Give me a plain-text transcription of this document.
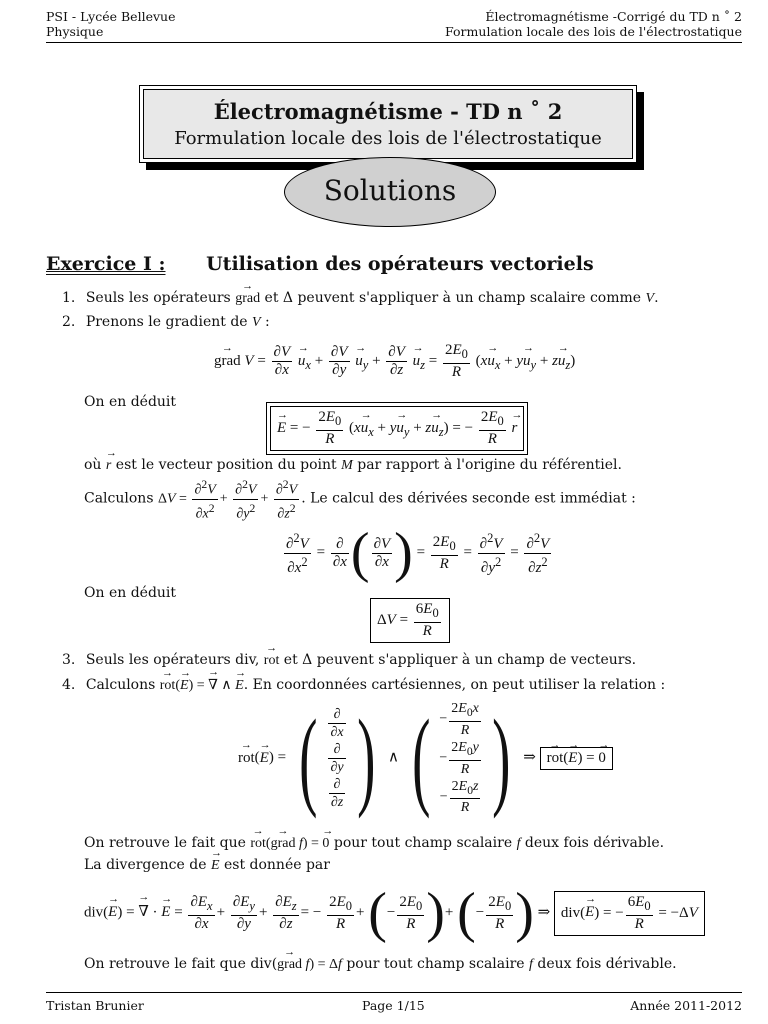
PSI - Lycée Bellevue
Physique
Électromagnétisme -Corrigé du TD n ˚ 2
Formulation locale des lois de l'électrostatique
Électromagnétisme - TD n ˚ 2
Formulation locale des lois de l'électrostatique
Solutions
Exercice I : Utilisation des opérateurs vectoriels
1. Seuls les opérateurs → grad et Δ peuvent s'appliquer à un champ scalaire comme V.
2. Prenons le gradient de V :
→ grad $V = \frac{\partial V}{\partial x}$
→ $u_x + \frac{\partial V}{\partial y}$
→ $u_y + \frac{\partial V}{\partial z}$
→ $u_z = \frac{2E_0}{R} (x\to u_x + y\to u_y + z\to u_z)$
On en déduit
→ E = − $\frac{2E_0}{R} (x\to u_x + y\to u_y + z\to u_z)$ = − $\frac{2E_0}{R}$
→ r
où → r est le vecteur position du point M par rapport à l'origine du référentiel.
Calculons $\Delta V = \frac{\partial^2V}{\partial x^2} + \frac{\partial^2V}{\partial y^2} + \frac{\partial^2V}{\partial z^2}$ . Le calcul des dérivées seconde est immédiat :
$\frac{\partial^2V}{\partial x^2} = \frac{\partial}{\partial x}$ ( $\frac{\partial V}{\partial x}$ ) = $\frac{2E_0}{R} = \frac{\partial^2V}{\partial y^2} = \frac{\partial^2V}{\partial z^2}$
On en déduit
$\Delta V = \frac{6E_0}{R}$
3. Seuls les opérateurs div, → rot et Δ peuvent s'appliquer à un champ de vecteurs.
4. Calculons → rot(→ E) = → ∇ ∧ → E. En coordonnées cartésiennes, on peut utiliser la relation :
→ rot(→ E) = ( $\frac{\partial}{\partial x}$
$\frac{\partial}{\partial y}$
$\frac{\partial}{\partial z}$ ) ∧ ( − $\frac{2E_0x}{R}$
− $\frac{2E_0y}{R}$
− $\frac{2E_0z}{R}$ ) ⇒ → rot(→ E) = → 0
On retrouve le fait que → rot(→ grad f) = → 0 pour tout champ scalaire f deux fois dérivable.
La divergence de → E est donnée par
div(→ E) = → ∇ · → $E = \frac{\partial E_x}{\partial x} + \frac{\partial E_y}{\partial y} + \frac{\partial E_z}{\partial z}$ = − $\frac{2E_0}{R}$ + (− $\frac{2E_0}{R}$ )+ (− $\frac{2E_0}{R}$ ) ⇒ div(→ E) = − $\frac{6E_0}{R} = -\Delta V$
On retrouve le fait que div(→ grad f) = Δf pour tout champ scalaire f deux fois dérivable.
Tristan Brunier	Page 1/15	Année 2011-2012
